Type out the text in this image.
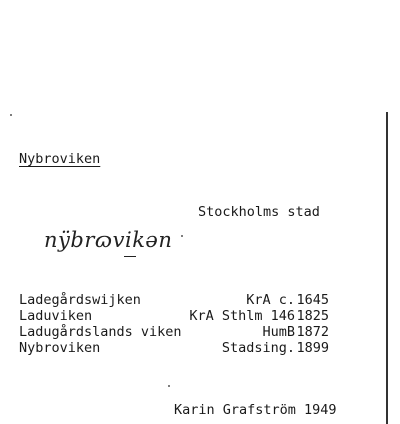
Nybroviken
Stockholms stad
nÿbrɷvikən
Ladegårdswijken	KrA c. 1645
Laduviken	KrA Sthlm 146 1825
Ladugårdslands viken	HumB 1872
Nybroviken	Stadsing. 1899
Karin Grafström 1949
